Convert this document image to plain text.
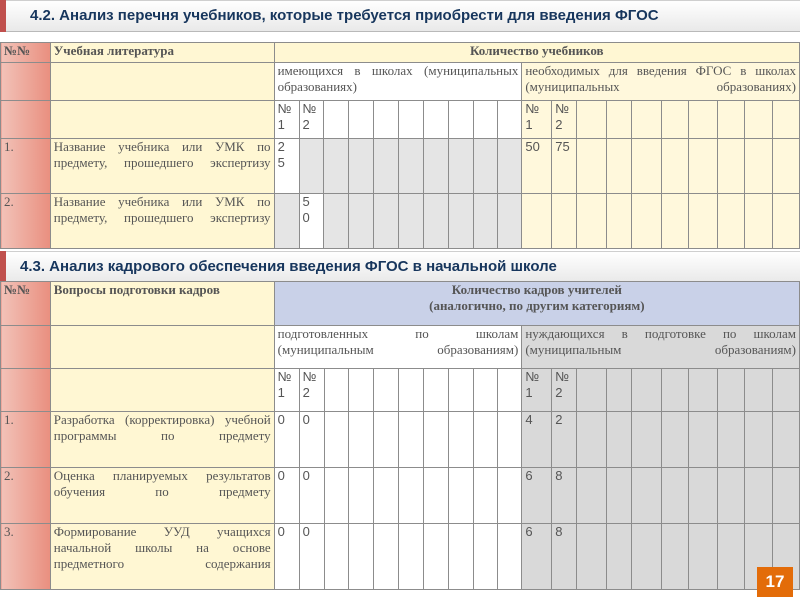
4.2. Анализ перечня учебников, которые требуется приобрести для введения ФГОС
№№	Учебная литература	Количество учебников																			
		имеющихся в школах (муниципальных образованиях)										необходимых для введения ФГОС в школах (муниципальных образованиях)									
		№ 1	№ 2									№ 1	№ 2								
1.	Название учебника или УМК по предмету, прошедшего экспертизу	2 5										50	75								
2.	Название учебника или УМК по предмету, прошедшего экспертизу		5 0																		
4.3. Анализ кадрового обеспечения введения ФГОС в начальной школе
№№	Вопросы подготовки кадров	Количество кадров учителей
(аналогично, по другим категориям)																			

		подготовленных по школам (муниципальным образованиям)										нуждающихся в подготовке по школам (муниципальным образованиям)									
		№ 1	№ 2									№ 1	№ 2								
1.	Разработка (корректировка) учебной программы по предмету	0	0									4	2								
2.	Оценка планируемых результатов обучения по предмету	0	0									6	8								
3.	Формирование УУД учащихся начальной школы на основе предметного содержания	0	0									6	8								
17
